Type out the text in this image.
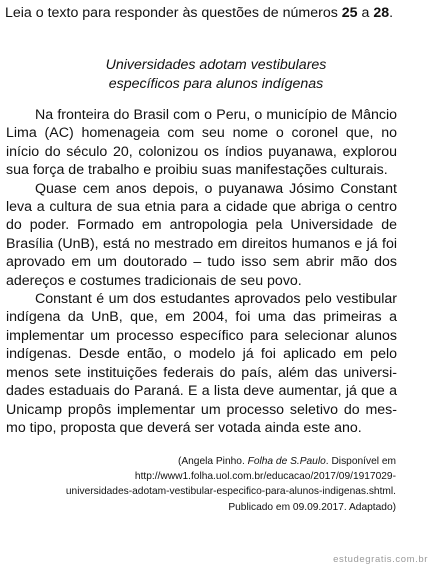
Leia o texto para responder às questões de números 25 a 28.
Universidades adotam vestibulares
específicos para alunos indígenas

Na fronteira do Brasil com o Peru, o município de Mâncio Lima (AC) homenageia com seu nome o coronel que, no início do século 20, colonizou os índios puyanawa, explorou sua força de trabalho e proibiu suas manifestações culturais.

Quase cem anos depois, o puyanawa Jósimo Constant leva a cultura de sua etnia para a cidade que abriga o centro do poder. Formado em antropologia pela Universidade de Brasília (UnB), está no mestrado em direitos humanos e já foi aprovado em um doutorado – tudo isso sem abrir mão dos adereços e costumes tradicionais de seu povo.

Constant é um dos estudantes aprovados pelo vestibular indígena da UnB, que, em 2004, foi uma das primeiras a implementar um processo específico para selecionar alunos indígenas. Desde então, o modelo já foi aplicado em pelo menos sete instituições federais do país, além das universidades estaduais do Paraná. E a lista deve aumentar, já que a Unicamp propôs implementar um processo seletivo do mesmo tipo, proposta que deverá ser votada ainda este ano.

(Angela Pinho. Folha de S.Paulo. Disponível em
http://www1.folha.uol.com.br/educacao/2017/09/1917029-
universidades-adotam-vestibular-especifico-para-alunos-indigenas.shtml.
Publicado em 09.09.2017. Adaptado)
estudegratis.com.br
